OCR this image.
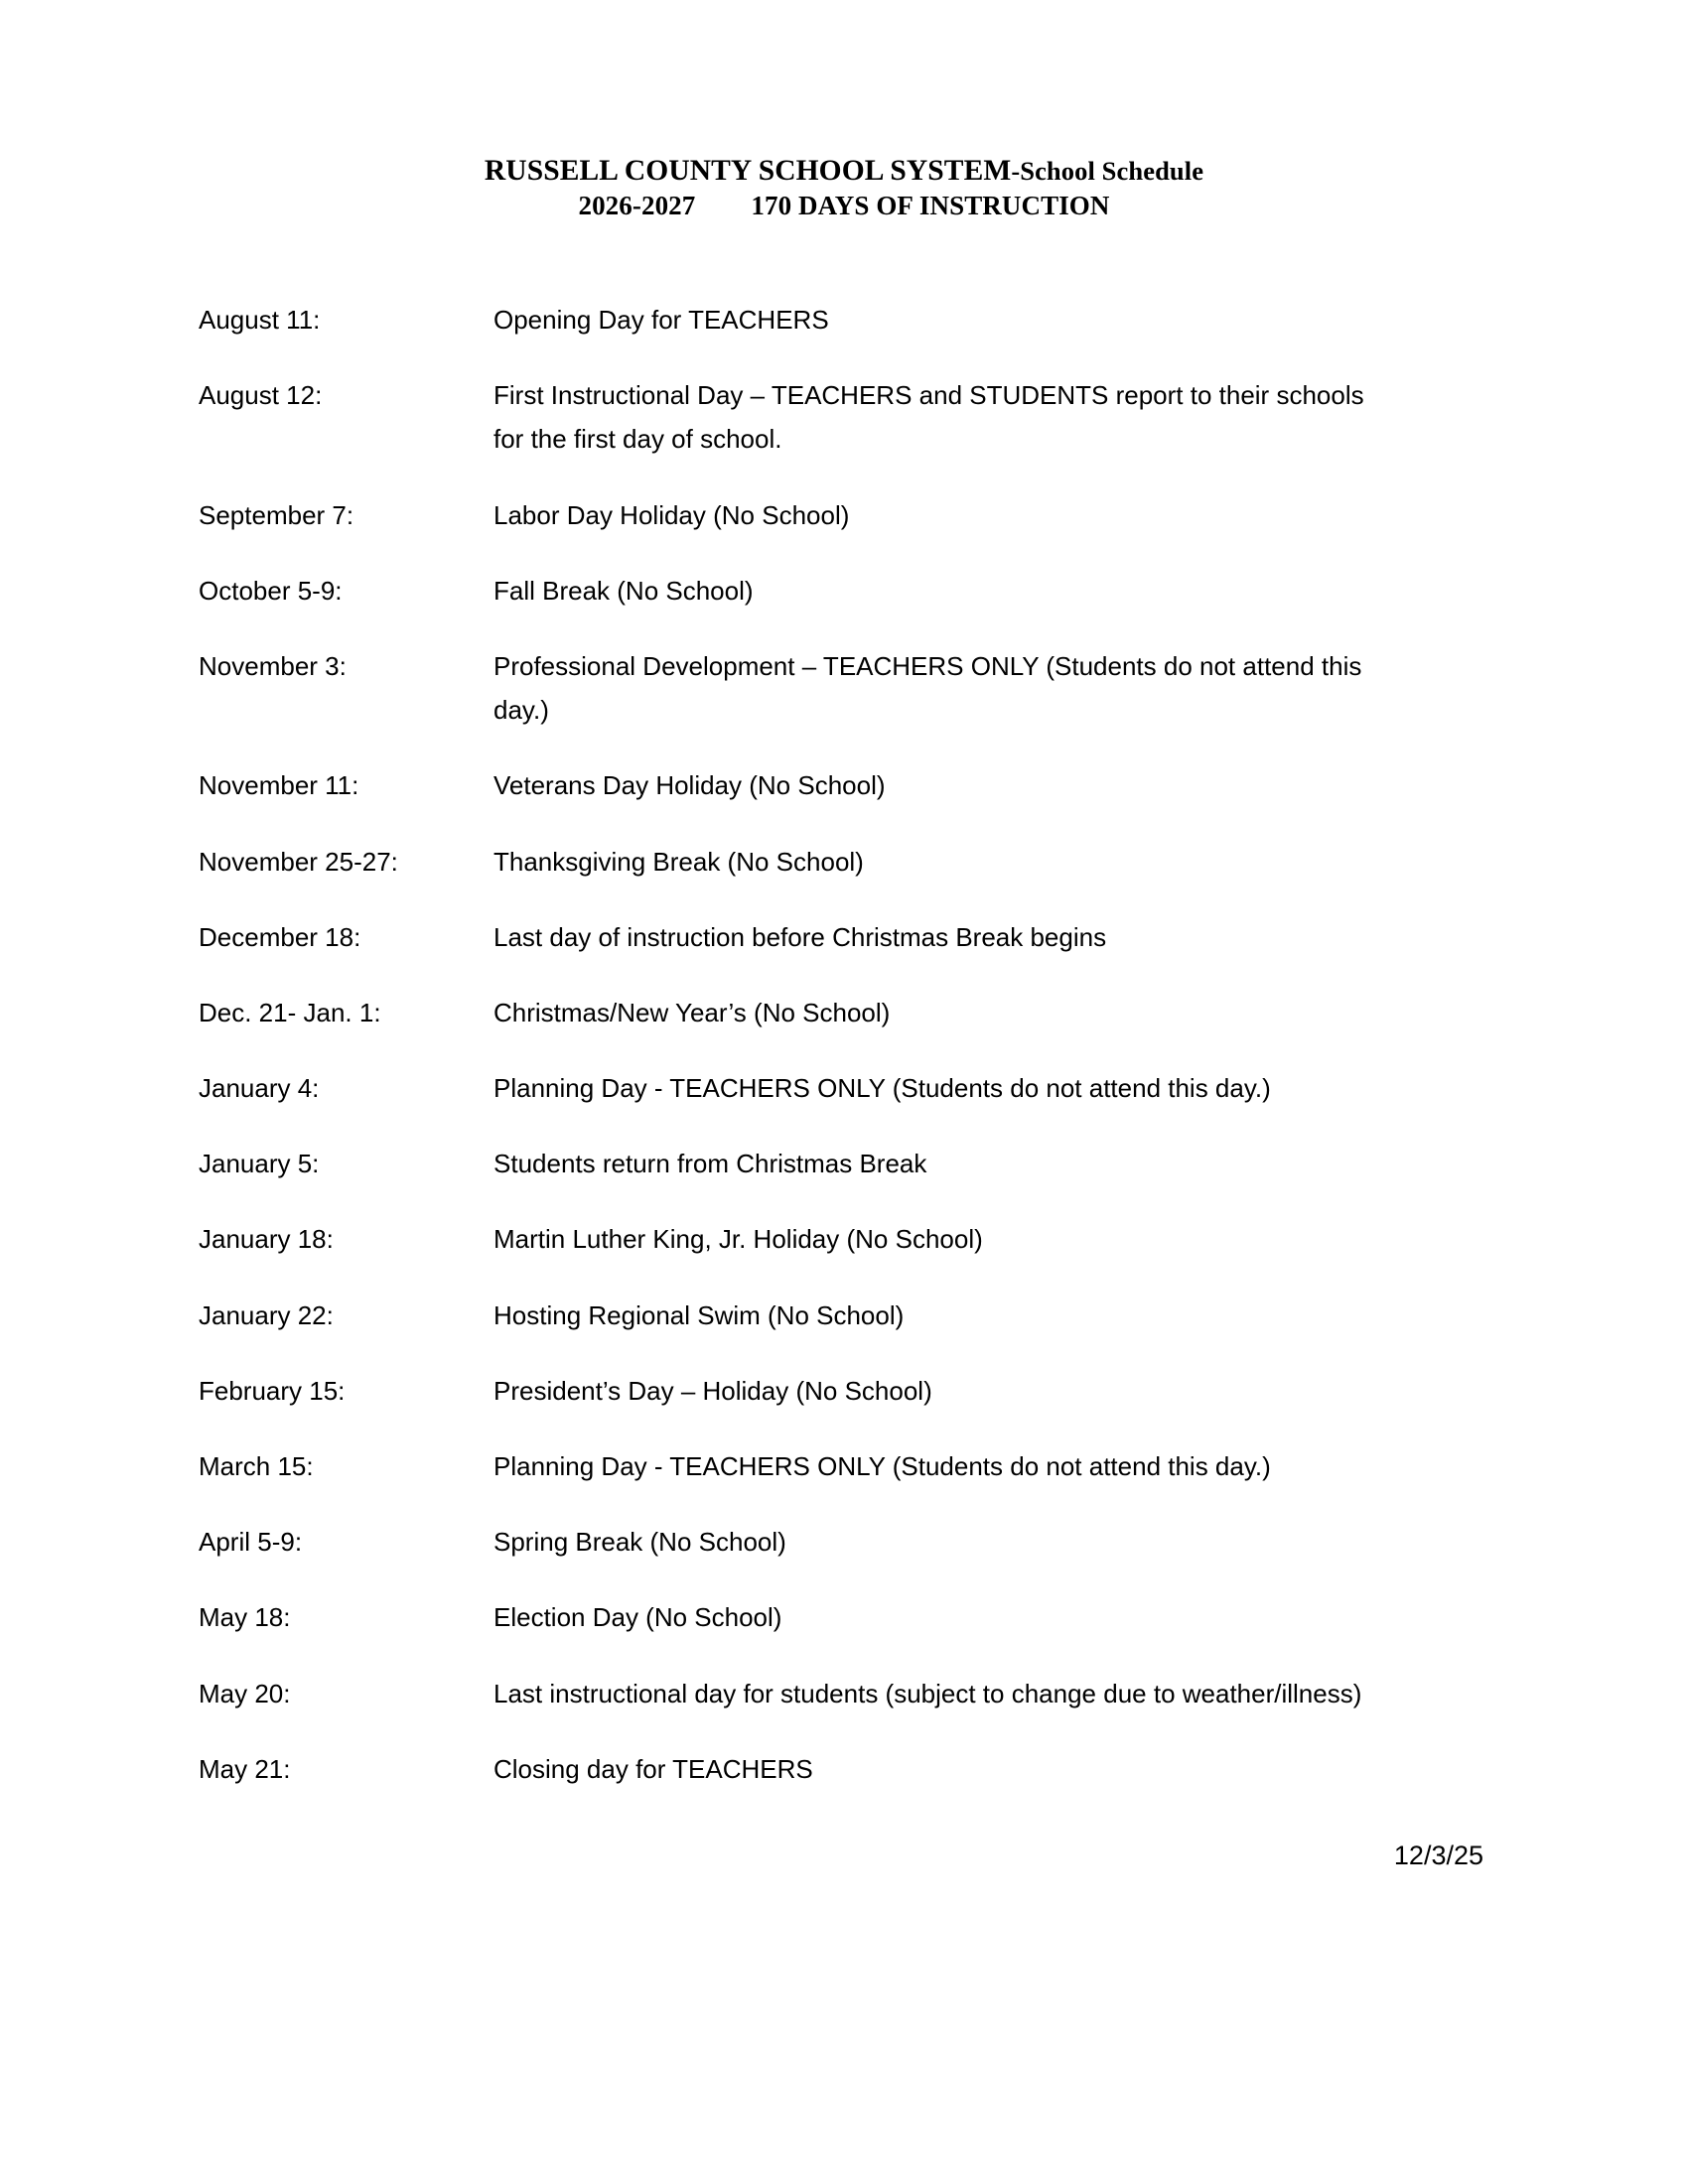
RUSSELL COUNTY SCHOOL SYSTEM-School Schedule
2026-2027 170 DAYS OF INSTRUCTION
August 11:	Opening Day for TEACHERS
August 12:	First Instructional Day – TEACHERS and STUDENTS report to their schools for the first day of school.
September 7:	Labor Day Holiday (No School)
October 5-9:	Fall Break (No School)
November 3:	Professional Development – TEACHERS ONLY (Students do not attend this day.)
November 11:	Veterans Day Holiday (No School)
November 25-27:	Thanksgiving Break (No School)
December 18:	Last day of instruction before Christmas Break begins
Dec. 21- Jan. 1:	Christmas/New Year’s (No School)
January 4:	Planning Day - TEACHERS ONLY (Students do not attend this day.)
January 5:	Students return from Christmas Break
January 18:	Martin Luther King, Jr. Holiday (No School)
January 22:	Hosting Regional Swim (No School)
February 15:	President’s Day – Holiday (No School)
March 15:	Planning Day - TEACHERS ONLY (Students do not attend this day.)
April 5-9:	Spring Break (No School)
May 18:	Election Day (No School)
May 20:	Last instructional day for students (subject to change due to weather/illness)
May 21:	Closing day for TEACHERS
12/3/25
